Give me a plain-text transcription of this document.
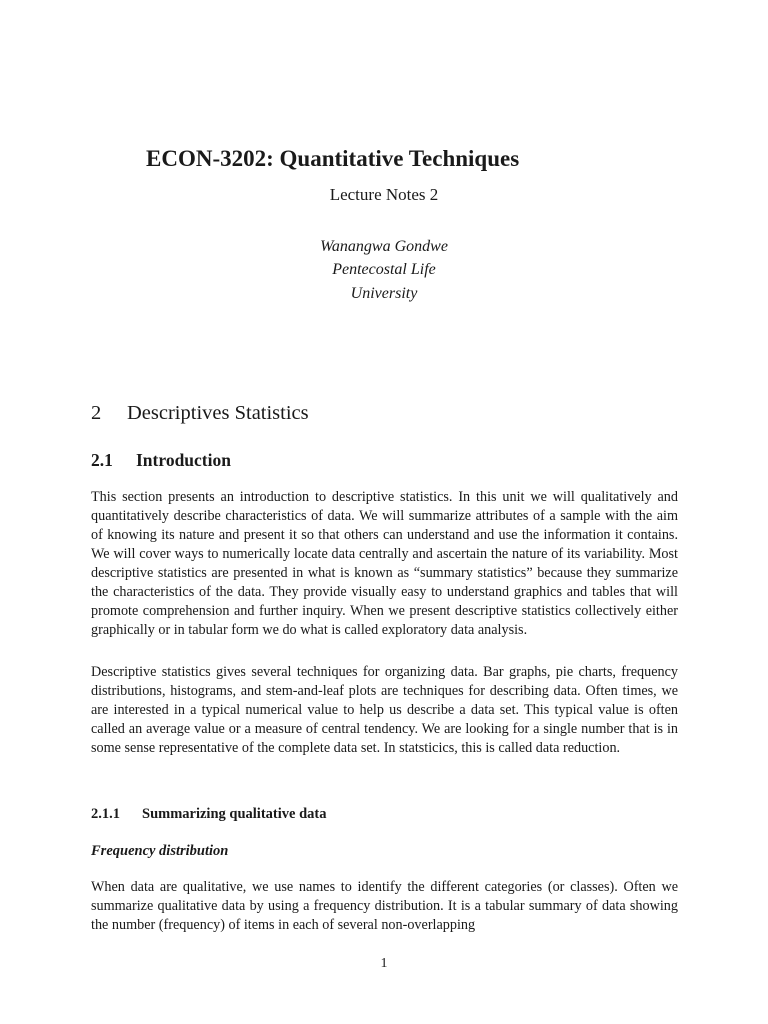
ECON-3202: Quantitative Techniques
Lecture Notes 2
Wanangwa Gondwe
Pentecostal Life
University
2 Descriptives Statistics
2.1 Introduction

This section presents an introduction to descriptive statistics. In this unit we will qualitatively and quantitatively describe characteristics of data. We will summarize attributes of a sample with the aim of knowing its nature and present it so that others can understand and use the information it contains. We will cover ways to numerically locate data centrally and ascertain the nature of its variability. Most descriptive statistics are presented in what is known as “summary statistics” because they summarize the characteristics of the data. They provide visually easy to understand graphics and tables that will promote comprehension and further inquiry. When we present descriptive statistics collectively either graphically or in tabular form we do what is called exploratory data analysis.

Descriptive statistics gives several techniques for organizing data. Bar graphs, pie charts, frequency distributions, histograms, and stem-and-leaf plots are techniques for describing data. Often times, we are interested in a typical numerical value to help us describe a data set. This typical value is often called an average value or a measure of central tendency. We are looking for a single number that is in some sense representative of the complete data set. In statsticics, this is called data reduction.

2.1.1 Summarizing qualitative data
Frequency distribution

When data are qualitative, we use names to identify the different categories (or classes). Often we summarize qualitative data by using a frequency distribution. It is a tabular summary of data showing the number (frequency) of items in each of several non-overlapping

1
